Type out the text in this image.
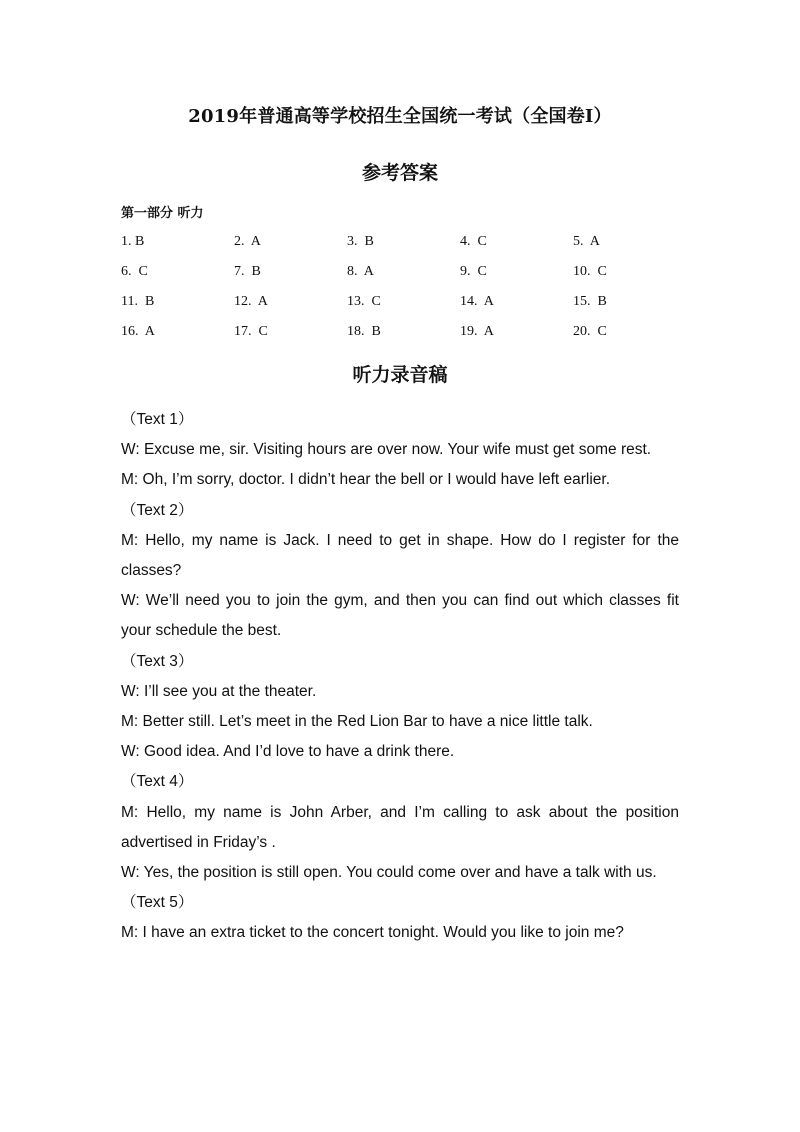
2019年普通高等学校招生全国统一考试（全国卷I）
参考答案
第一部分 听力
1. B	2.  A	3.  B	4.  C	5.  A
6.  C	7.  B	8.  A	9.  C	10.  C
11.  B	12.  A	13.  C	14.  A	15.  B
16.  A	17.  C	18.  B	19.  A	20.  C
听力录音稿
（Text 1）
W: Excuse me, sir. Visiting hours are over now. Your wife must get some rest.
M: Oh, I’m sorry, doctor. I didn’t hear the bell or I would have left earlier.
（Text 2）
M: Hello, my name is Jack. I need to get in shape. How do I register for the classes?
W: We’ll need you to join the gym, and then you can find out which classes fit your schedule the best.
（Text 3）
W: I’ll see you at the theater.
M: Better still. Let’s meet in the Red Lion Bar to have a nice little talk.
W: Good idea. And I’d love to have a drink there.
（Text 4）
M: Hello, my name is John Arber, and I’m calling to ask about the position advertised in Friday’s .
W: Yes, the position is still open. You could come over and have a talk with us.
（Text 5）
M: I have an extra ticket to the concert tonight. Would you like to join me?
